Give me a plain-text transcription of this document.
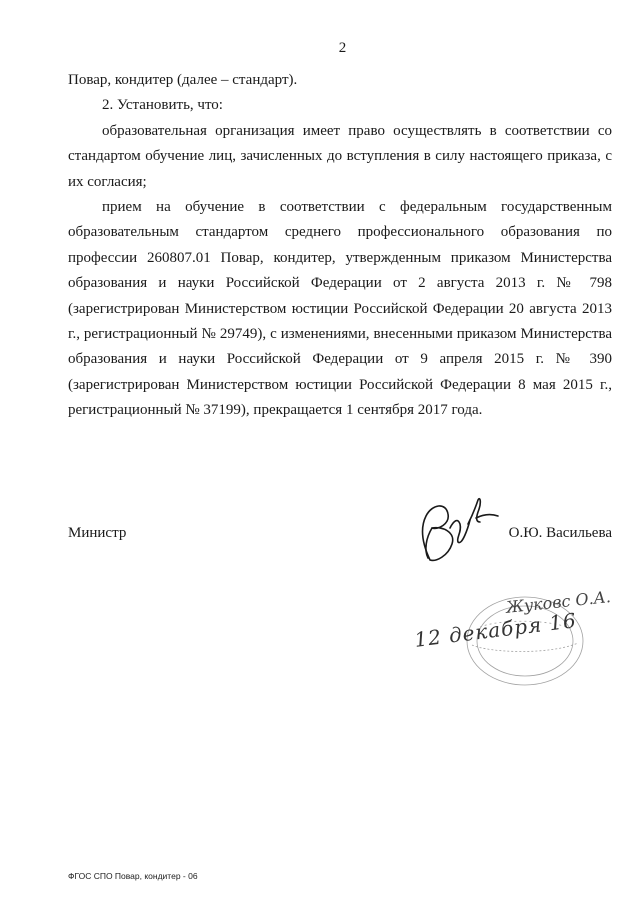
2

Повар, кондитер (далее – стандарт).

2. Установить, что:

образовательная организация имеет право осуществлять в соответствии со стандартом обучение лиц, зачисленных до вступления в силу настоящего приказа, с их согласия;

прием на обучение в соответствии с федеральным государственным образовательным стандартом среднего профессионального образования по профессии 260807.01 Повар, кондитер, утвержденным приказом Министерства образования и науки Российской Федерации от 2 августа 2013 г. № 798 (зарегистрирован Министерством юстиции Российской Федерации 20 августа 2013 г., регистрационный № 29749), с изменениями, внесенными приказом Министерства образования и науки Российской Федерации от 9 апреля 2015 г. № 390 (зарегистрирован Министерством юстиции Российской Федерации 8 мая 2015 г., регистрационный № 37199), прекращается 1 сентября 2017 года.

Министр	О.Ю. Васильева
Жуковс О.А.
12 декабря 16
ФГОС СПО Повар, кондитер - 06
